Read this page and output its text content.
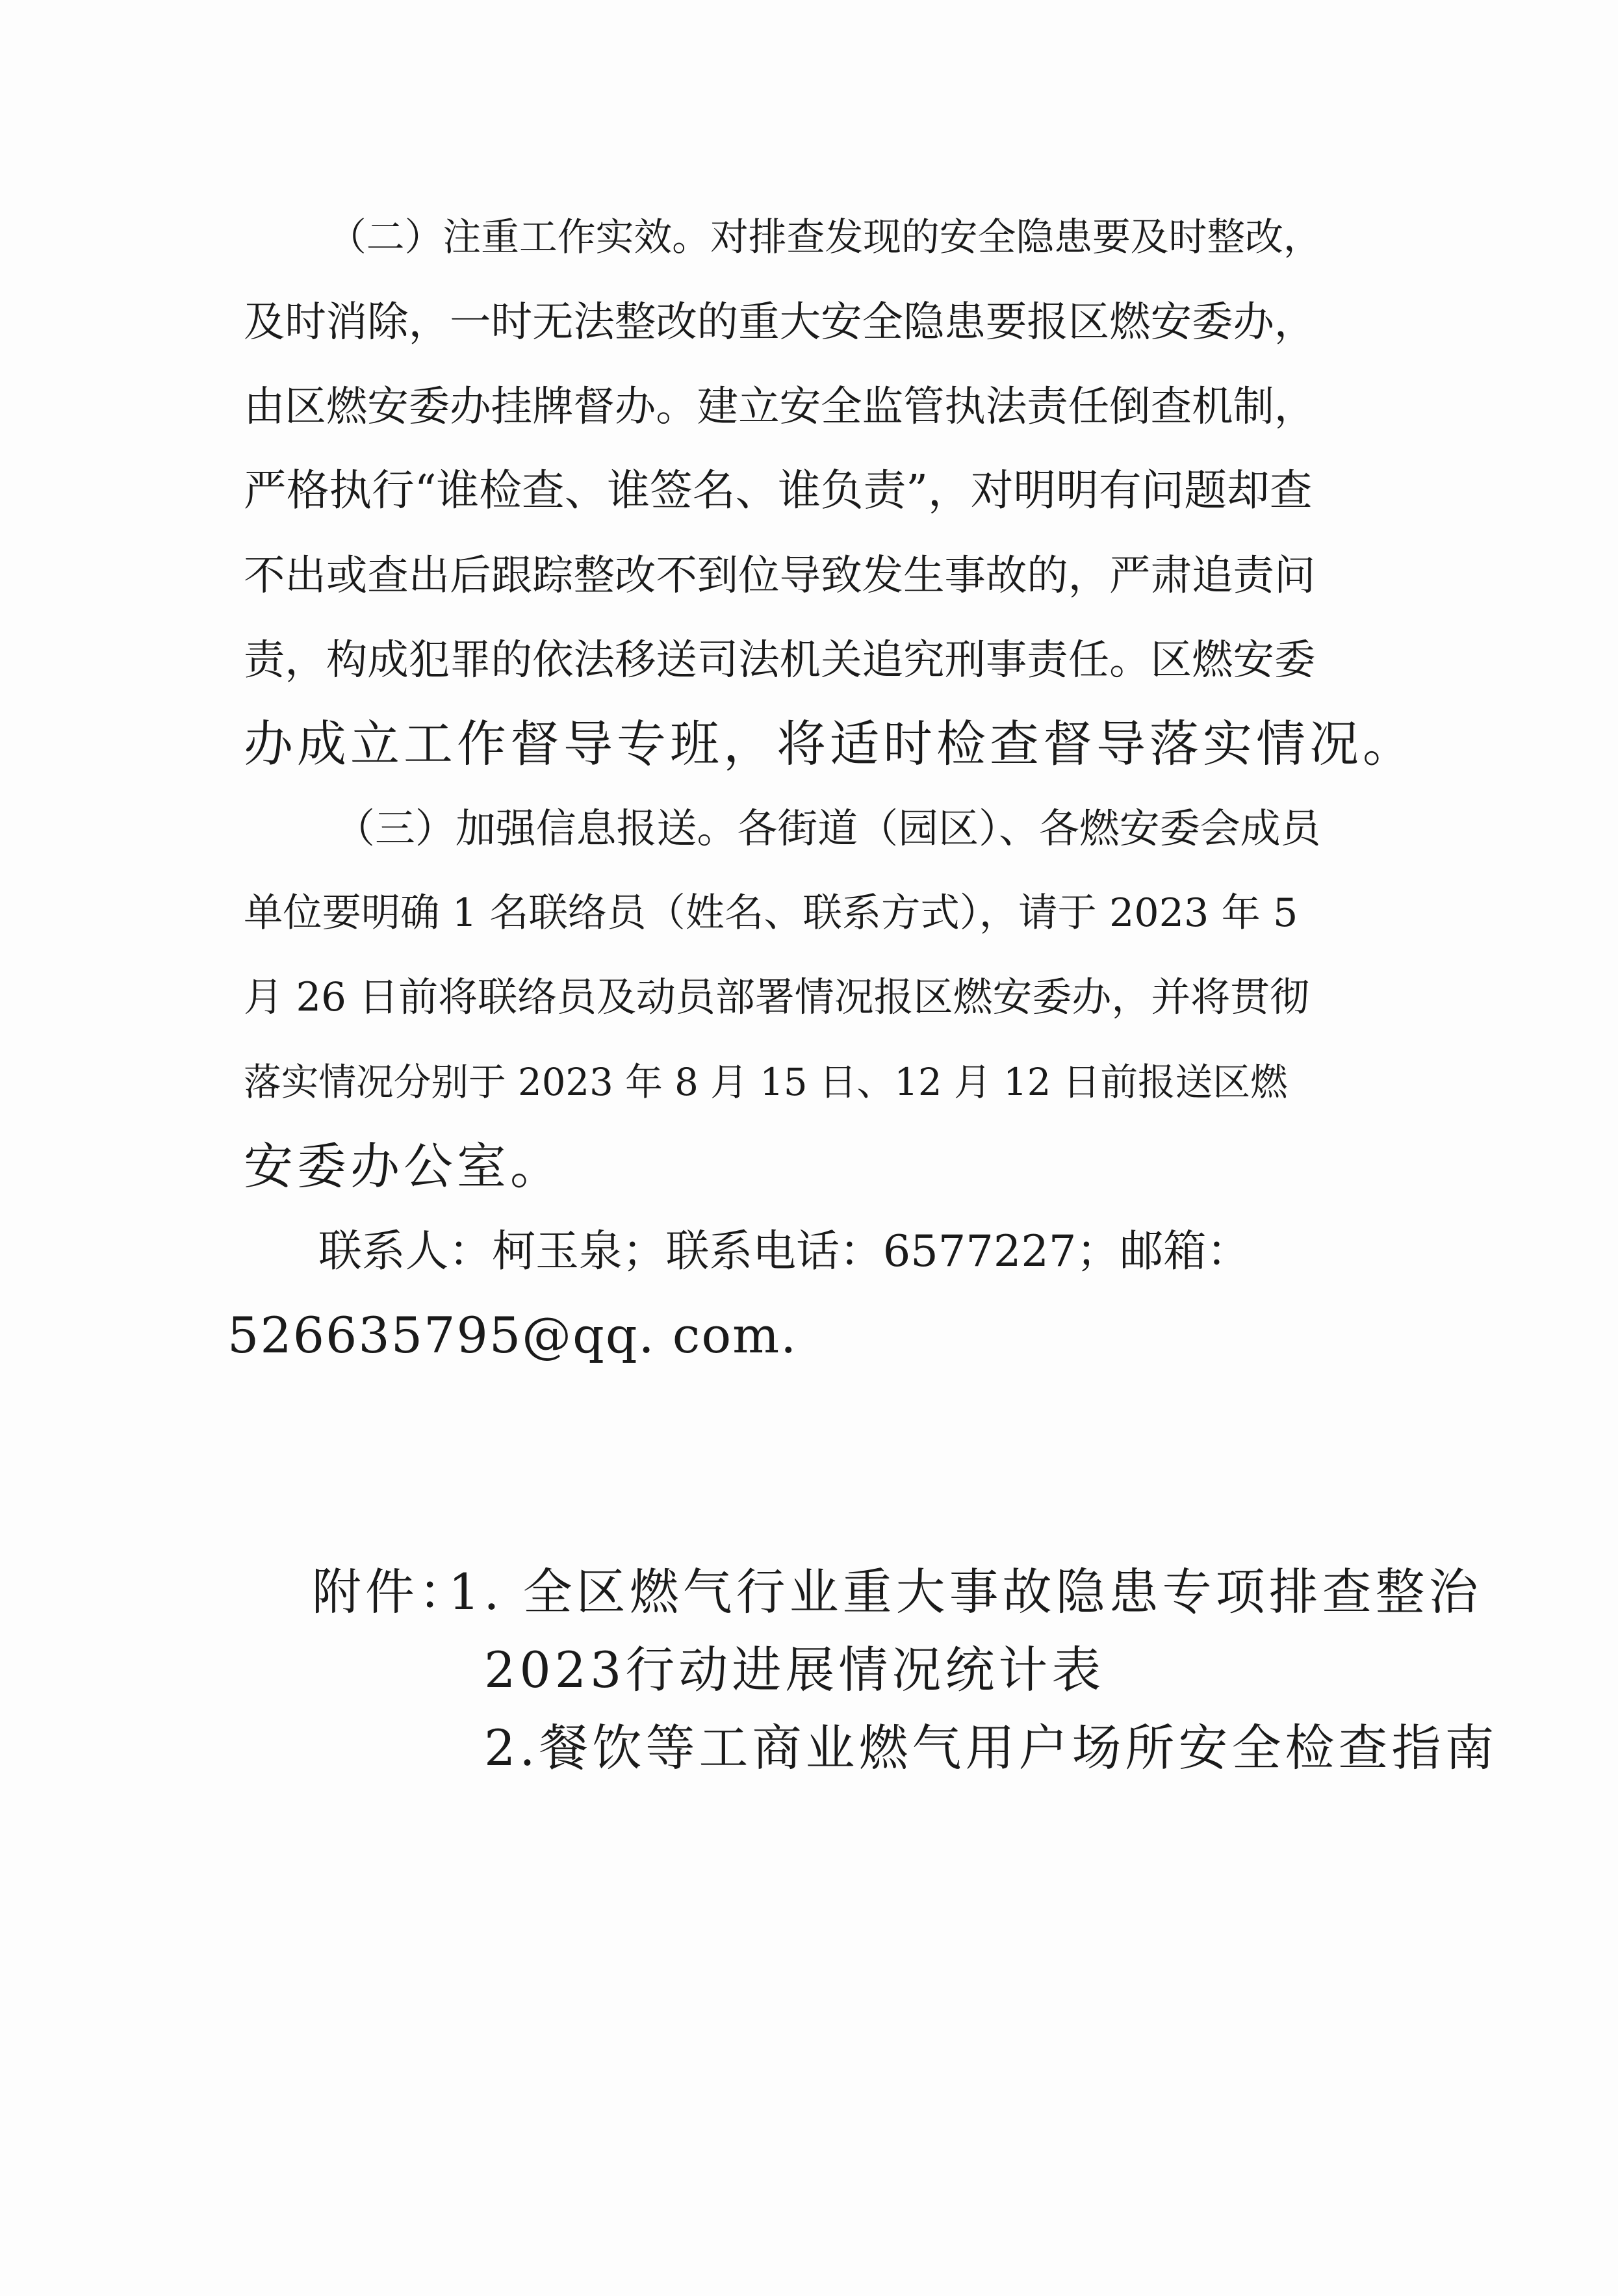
（二）注重工作实效。对排查发现的安全隐患要及时整改，
及时消除，一时无法整改的重大安全隐患要报区燃安委办，
由区燃安委办挂牌督办。建立安全监管执法责任倒查机制，
严格执行“谁检查、谁签名、谁负责”，对明明有问题却查
不出或查出后跟踪整改不到位导致发生事故的，严肃追责问
责，构成犯罪的依法移送司法机关追究刑事责任。区燃安委
办成立工作督导专班，将适时检查督导落实情况。
（三）加强信息报送。各街道（园区）、各燃安委会成员
单位要明确 1 名联络员（姓名、联系方式），请于 2023 年 5
月 26 日前将联络员及动员部署情况报区燃安委办，并将贯彻
落实情况分别于 2023 年 8 月 15 日、12 月 12 日前报送区燃
安委办公室。
联系人：柯玉泉；联系电话：6577227；邮箱：
526635795@qq. com.
附件：
1. 全区燃气行业重大事故隐患专项排查整治
2023行动进展情况统计表
2.餐饮等工商业燃气用户场所安全检查指南
